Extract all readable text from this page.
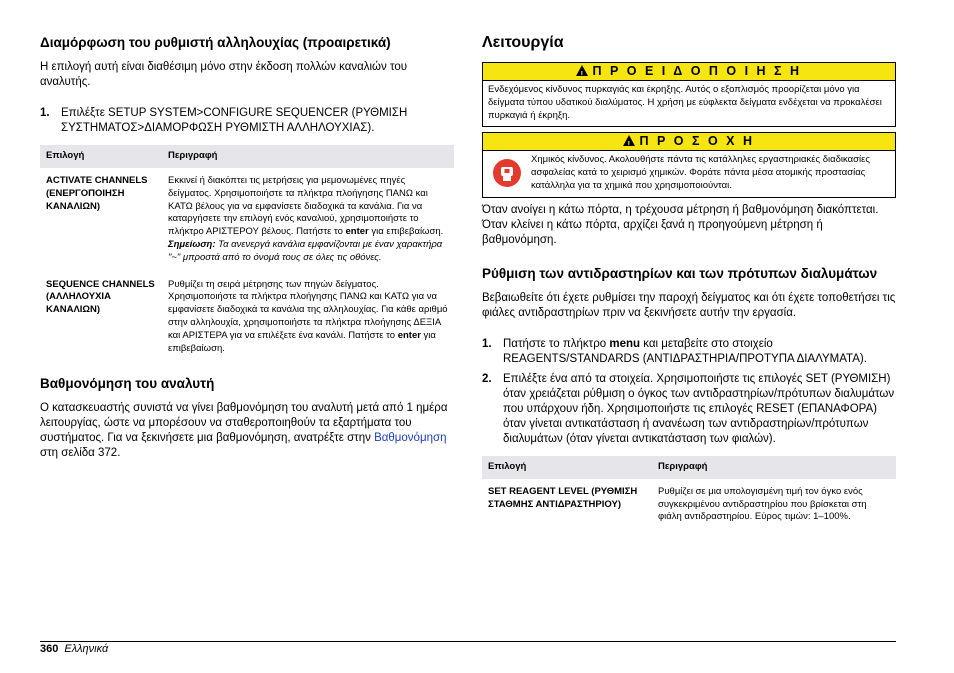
Διαμόρφωση του ρυθμιστή αλληλουχίας (προαιρετικά)

Η επιλογή αυτή είναι διαθέσιμη μόνο στην έκδοση πολλών καναλιών του αναλυτής.

1. Επιλέξτε SETUP SYSTEM>CONFIGURE SEQUENCER (ΡΥΘΜΙΣΗ ΣΥΣΤΗΜΑΤΟΣ>ΔΙΑΜΟΡΦΩΣΗ ΡΥΘΜΙΣΤΗ ΑΛΛΗΛΟΥΧΙΑΣ).
Επιλογή	Περιγραφή
ACTIVATE CHANNELS (ΕΝΕΡΓΟΠΟΙΗΣΗ ΚΑΝΑΛΙΩΝ)	Εκκινεί ή διακόπτει τις μετρήσεις για μεμονωμένες πηγές δείγματος. Χρησιμοποιήστε τα πλήκτρα πλοήγησης ΠΑΝΩ και ΚΑΤΩ βέλους για να εμφανίσετε διαδοχικά τα κανάλια. Για να καταργήσετε την επιλογή ενός καναλιού, χρησιμοποιήστε το πλήκτρο ΑΡΙΣΤΕΡΟΥ βέλους. Πατήστε το enter για επιβεβαίωση.
Σημείωση: Τα ανενεργά κανάλια εμφανίζονται με έναν χαρακτήρα "~" μπροστά από το όνομά τους σε όλες τις οθόνες.
SEQUENCE CHANNELS (ΑΛΛΗΛΟΥΧΙΑ ΚΑΝΑΛΙΩΝ)	Ρυθμίζει τη σειρά μέτρησης των πηγών δείγματος. Χρησιμοποιήστε τα πλήκτρα πλοήγησης ΠΑΝΩ και ΚΑΤΩ για να εμφανίσετε διαδοχικά τα κανάλια της αλληλουχίας. Για κάθε αριθμό στην αλληλουχία, χρησιμοποιήστε τα πλήκτρα πλοήγησης ΔΕΞΙΑ και ΑΡΙΣΤΕΡΑ για να επιλέξετε ένα κανάλι. Πατήστε το enter για επιβεβαίωση.
Βαθμονόμηση του αναλυτή

Ο κατασκευαστής συνιστά να γίνει βαθμονόμηση του αναλυτή μετά από 1 ημέρα λειτουργίας, ώστε να μπορέσουν να σταθεροποιηθούν τα εξαρτήματα του συστήματος. Για να ξεκινήσετε μια βαθμονόμηση, ανατρέξτε στην Βαθμονόμηση στη σελίδα 372.

Λειτουργία
!Π Ρ Ο Ε Ι Δ Ο Π Ο Ι Η Σ Η
Ενδεχόμενος κίνδυνος πυρκαγιάς και έκρηξης. Αυτός ο εξοπλισμός προορίζεται μόνο για δείγματα τύπου υδατικού διαλύματος. Η χρήση με εύφλεκτα δείγματα ενδέχεται να προκαλέσει πυρκαγιά ή έκρηξη.
!Π Ρ Ο Σ Ο Χ Η
Χημικός κίνδυνος. Ακολουθήστε πάντα τις κατάλληλες εργαστηριακές διαδικασίες ασφαλείας κατά το χειρισμό χημικών. Φοράτε πάντα μέσα ατομικής προστασίας κατάλληλα για τα χημικά που χρησιμοποιούνται.

Όταν ανοίγει η κάτω πόρτα, η τρέχουσα μέτρηση ή βαθμονόμηση διακόπτεται. Όταν κλείνει η κάτω πόρτα, αρχίζει ξανά η προηγούμενη μέτρηση ή βαθμονόμηση.

Ρύθμιση των αντιδραστηρίων και των πρότυπων διαλυμάτων

Βεβαιωθείτε ότι έχετε ρυθμίσει την παροχή δείγματος και ότι έχετε τοποθετήσει τις φιάλες αντιδραστηρίων πριν να ξεκινήσετε αυτήν την εργασία.

1. Πατήστε το πλήκτρο menu και μεταβείτε στο στοιχείο REAGENTS/STANDARDS (ΑΝΤΙΔΡΑΣΤΗΡΙΑ/ΠΡΟΤΥΠΑ ΔΙΑΛΥΜΑΤΑ).
2. Επιλέξτε ένα από τα στοιχεία. Χρησιμοποιήστε τις επιλογές SET (ΡΥΘΜΙΣΗ) όταν χρειάζεται ρύθμιση ο όγκος των αντιδραστηρίων/πρότυπων διαλυμάτων που υπάρχουν ήδη. Χρησιμοποιήστε τις επιλογές RESET (ΕΠΑΝΑΦΟΡΑ) όταν γίνεται αντικατάσταση ή ανανέωση των αντιδραστηρίων/πρότυπων διαλυμάτων (όταν γίνεται αντικατάσταση των φιαλών).
Επιλογή	Περιγραφή
SET REAGENT LEVEL (ΡΥΘΜΙΣΗ ΣΤΑΘΜΗΣ ΑΝΤΙΔΡΑΣΤΗΡΙΟΥ)	Ρυθμίζει σε μια υπολογισμένη τιμή τον όγκο ενός συγκεκριμένου αντιδραστηρίου που βρίσκεται στη φιάλη αντιδραστηρίου. Εύρος τιμών: 1–100%.
360 Ελληνικά
